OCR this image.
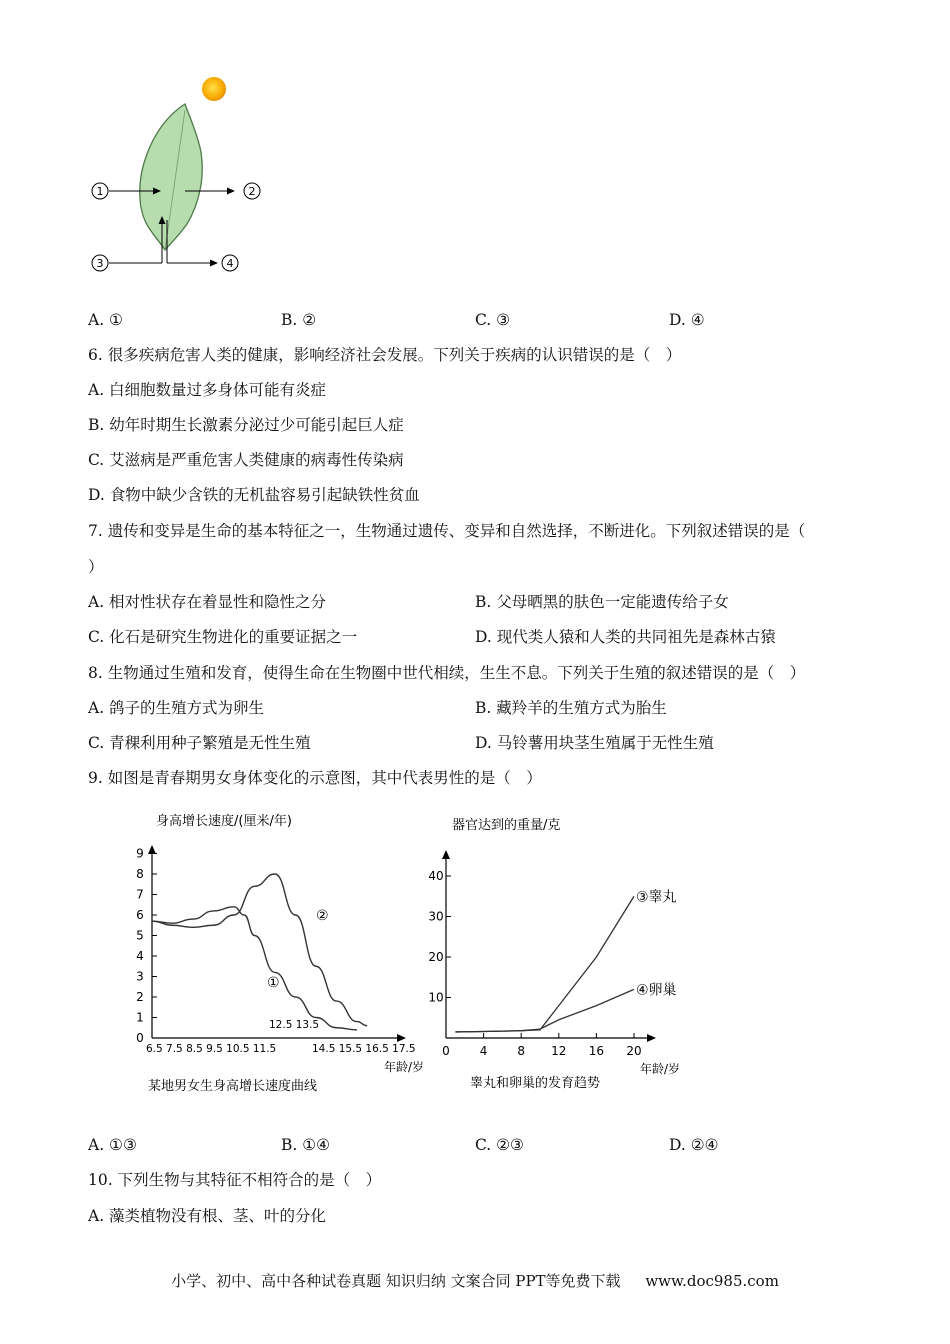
1	2
3	4
A. ①	B. ②	C. ③	D. ④
6. 很多疾病危害人类的健康，影响经济社会发展。下列关于疾病的认识错误的是（　）
A. 白细胞数量过多身体可能有炎症
B. 幼年时期生长激素分泌过少可能引起巨人症
C. 艾滋病是严重危害人类健康的病毒性传染病
D. 食物中缺少含铁的无机盐容易引起缺铁性贫血
7. 遗传和变异是生命的基本特征之一，生物通过遗传、变异和自然选择，不断进化。下列叙述错误的是（
）
A. 相对性状存在着显性和隐性之分	B. 父母晒黑的肤色一定能遗传给子女
C. 化石是研究生物进化的重要证据之一	D. 现代类人猿和人类的共同祖先是森林古猿
8. 生物通过生殖和发育，使得生命在生物圈中世代相续，生生不息。下列关于生殖的叙述错误的是（　）
A. 鸽子的生殖方式为卵生	B. 藏羚羊的生殖方式为胎生
C. 青稞利用种子繁殖是无性生殖	D. 马铃薯用块茎生殖属于无性生殖
9. 如图是青春期男女身体变化的示意图，其中代表男性的是（　）
身高增长速度/(厘米/年)
0
1
2
3
4
5
6
7
8
9
6.5 7.5 8.5 9.5 10.5 11.5
12.5 13.5
14.5 15.5 16.5 17.5
年龄/岁
①
②
某地男女生身高增长速度曲线
器官达到的重量/克
10
20
30
40
0 4 8 12 16 20
年龄/岁
③睾丸
④卵巢
睾丸和卵巢的发育趋势
A. ①③	B. ①④	C. ②③	D. ②④
10. 下列生物与其特征不相符合的是（　）
A. 藻类植物没有根、茎、叶的分化
小学、初中、高中各种试卷真题 知识归纳 文案合同 PPT等免费下载 www.doc985.com
